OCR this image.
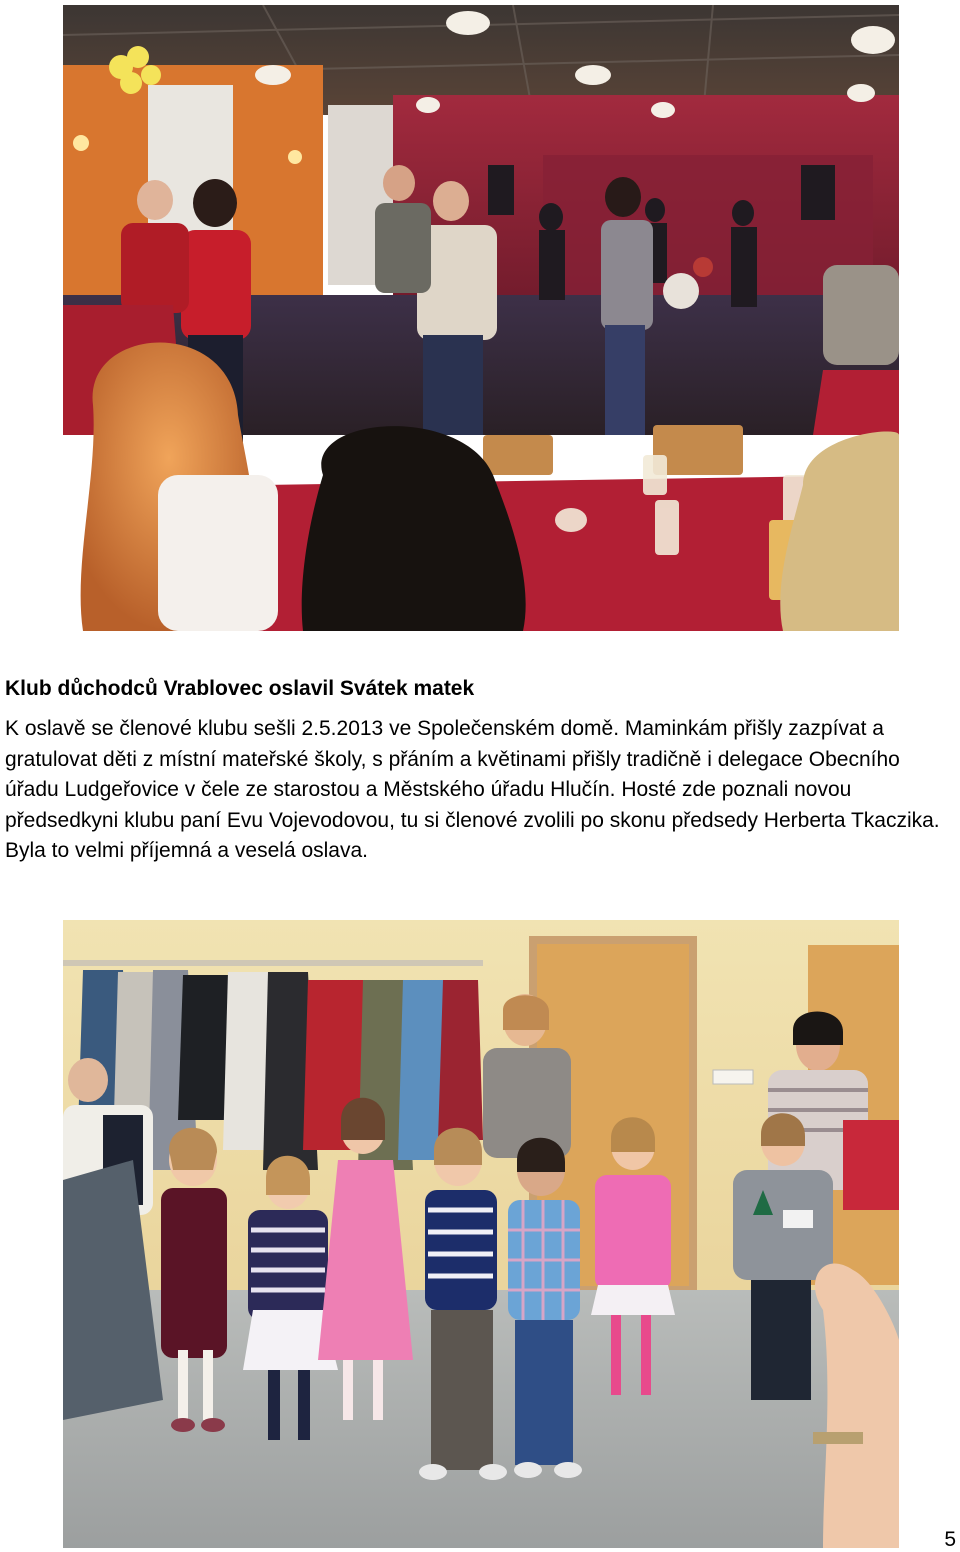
Klub důchodců Vrablovec oslavil Svátek matek

K oslavě se členové klubu sešli 2.5.2013 ve Společenském domě. Maminkám přišly zazpívat a gratulovat děti z místní mateřské školy, s přáním a květinami přišly tradičně i delegace Obecního úřadu Ludgeřovice v čele ze starostou a Městského úřadu Hlučín. Hosté zde poznali novou předsedkyni klubu paní Evu Vojevodovou, tu si členové zvolili po skonu předsedy Herberta Tkaczika. Byla to velmi příjemná a veselá oslava.

5
